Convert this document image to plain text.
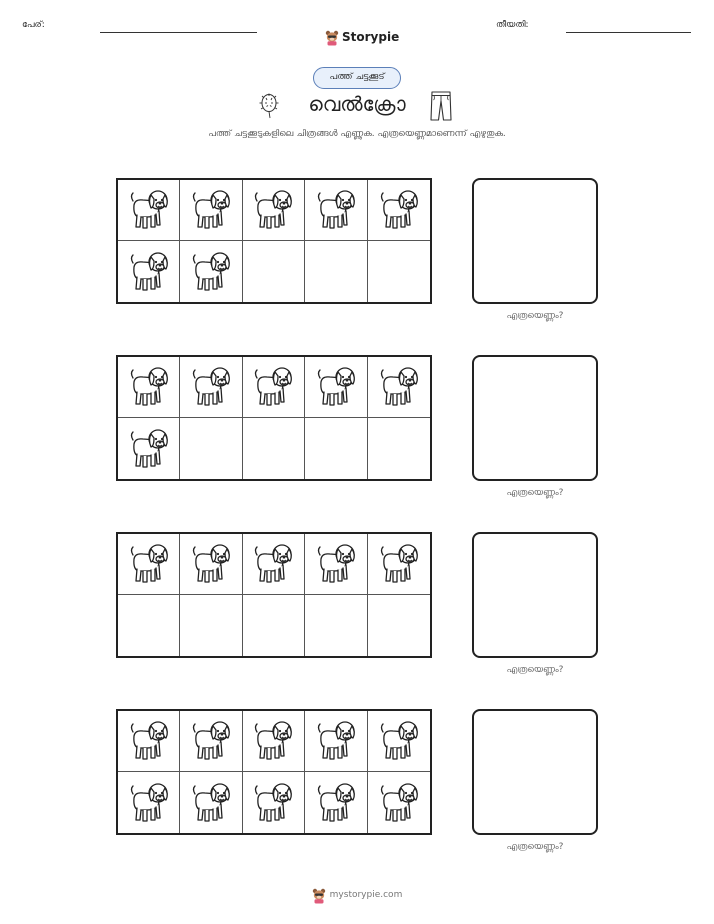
പേര്:
Storypie
തീയതി:
പത്ത് ചട്ടക്കൂട്
വെൽക്രോ
പത്ത് ചട്ടക്കൂടുകളിലെ ചിത്രങ്ങൾ എണ്ണുക. എത്രയെണ്ണമാണെന്ന് എഴുതുക.
എത്രയെണ്ണം?
എത്രയെണ്ണം?
എത്രയെണ്ണം?
എത്രയെണ്ണം?
mystorypie.com
